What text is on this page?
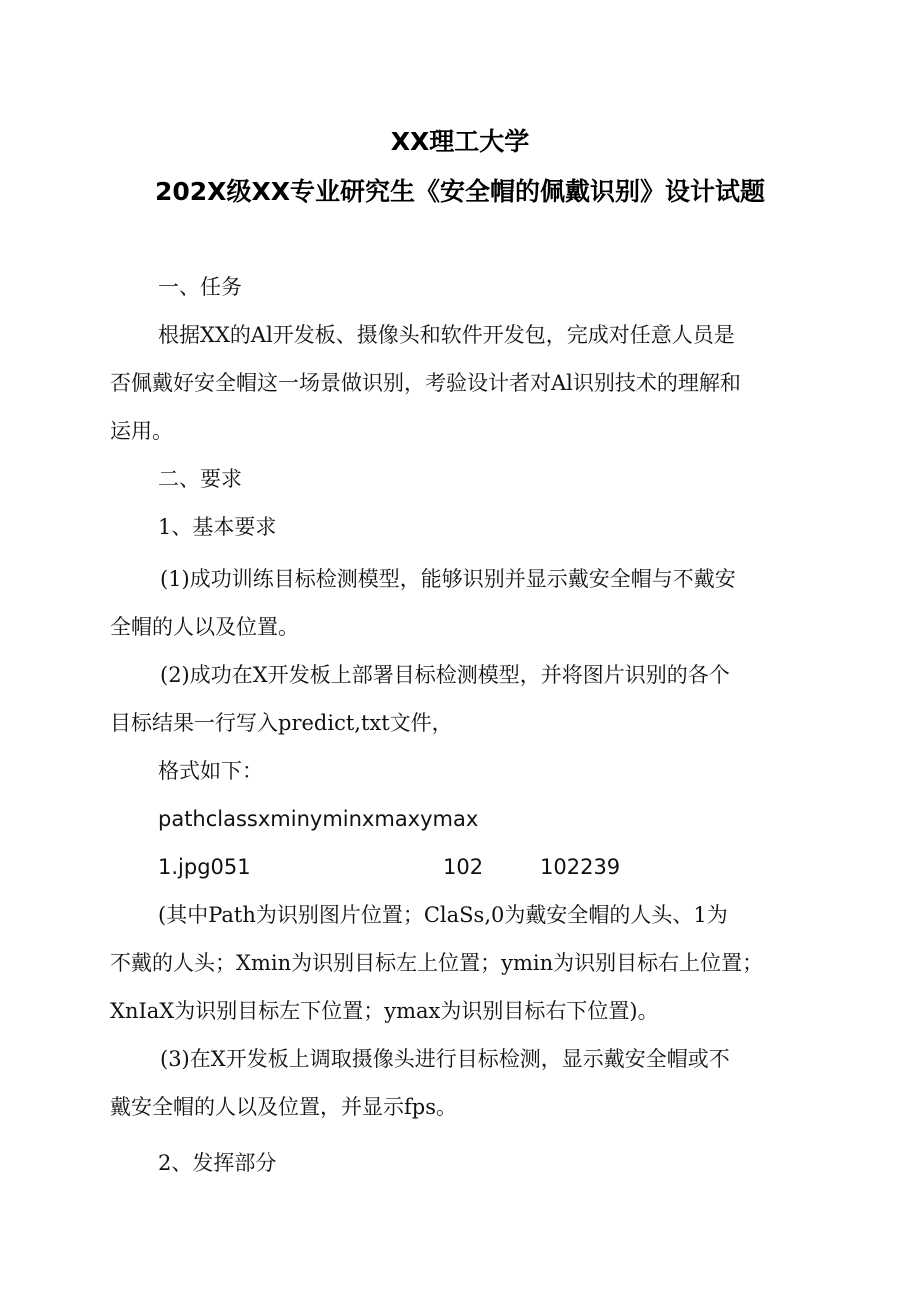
XX理工大学
202X级XX专业研究生《安全帽的佩戴识别》设计试题
一、任务
根据XX的Al开发板、摄像头和软件开发包，完成对任意人员是
否佩戴好安全帽这一场景做识别，考验设计者对Al识别技术的理解和
运用。
二、要求
1、基本要求
(1)成功训练目标检测模型，能够识别并显示戴安全帽与不戴安
全帽的人以及位置。
(2)成功在X开发板上部署目标检测模型，并将图片识别的各个
目标结果一行写入predict,txt文件，
格式如下：
pathclassxminyminxmaxymax
1.jpg051	102	102239
(其中Path为识别图片位置；ClaSs,0为戴安全帽的人头、1为
不戴的人头；Xmin为识别目标左上位置；ymin为识别目标右上位置；
XnIaX为识别目标左下位置；ymax为识别目标右下位置)。
(3)在X开发板上调取摄像头进行目标检测，显示戴安全帽或不
戴安全帽的人以及位置，并显示fps。
2、发挥部分
